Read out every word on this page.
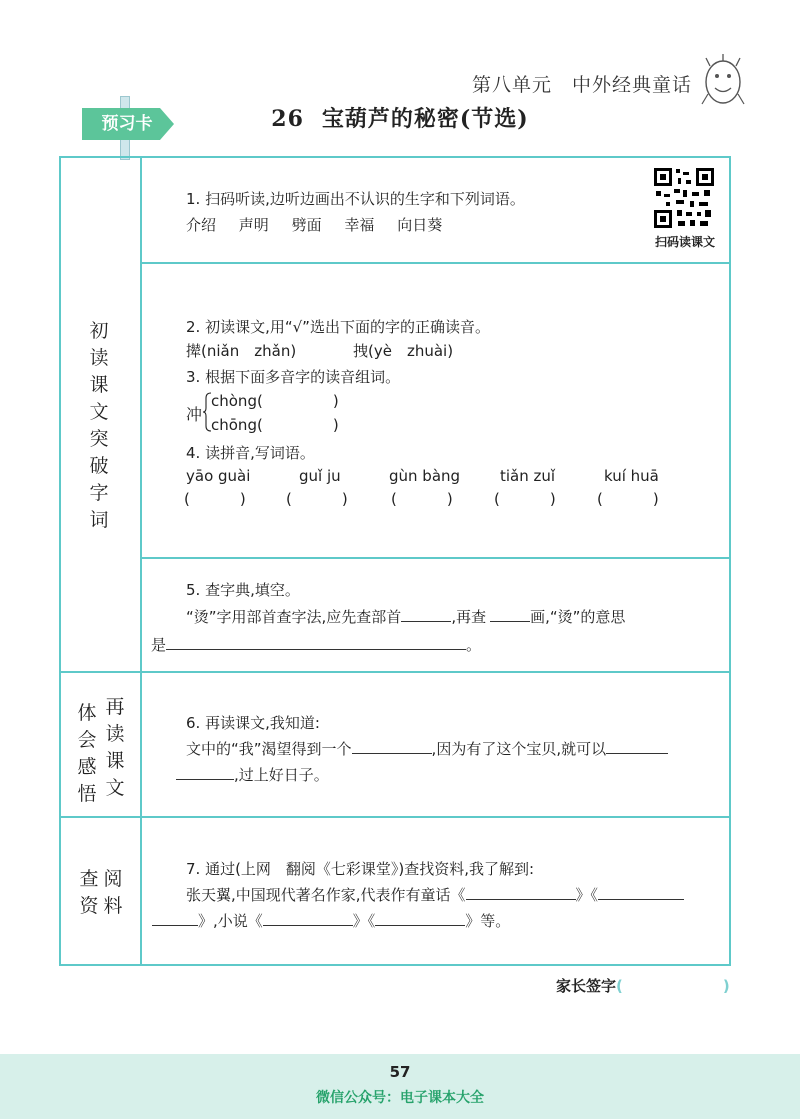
第八单元 中外经典童话
预习卡	26 宝葫芦的秘密(节选)
初
读
课
文
突
破
字
词
体
会
感
悟
再
读
课
文
查
资
阅
料
1. 扫码听读,边听边画出不认识的生字和下列词语。
介绍 声明 劈面 幸福 向日葵
扫码读课文
2. 初读课文,用“√”选出下面的字的正确读音。
撵(niǎn　zhǎn)	拽(yè　zhuài)
3. 根据下面多音字的读音组词。
冲
chòng(	)
chōng(	)
4. 读拼音,写词语。
yāo guài	guǐ ju	gùn bàng	tiǎn zuǐ	kuí huā
(	)	(	)	(	)	(	)	(	)
5. 查字典,填空。
“烫”字用部首查字法,应先查部首	,再查	画,“烫”的意思
是	。
6. 再读课文,我知道:
文中的“我”渴望得到一个	,因为有了这个宝贝,就可以
,过上好日子。
7. 通过(上网　翻阅《七彩课堂》)查找资料,我了解到:
张天翼,中国现代著名作家,代表作有童话《	》《
》,小说《	》《	》等。
家长签字(	)
57
微信公众号：电子课本大全
